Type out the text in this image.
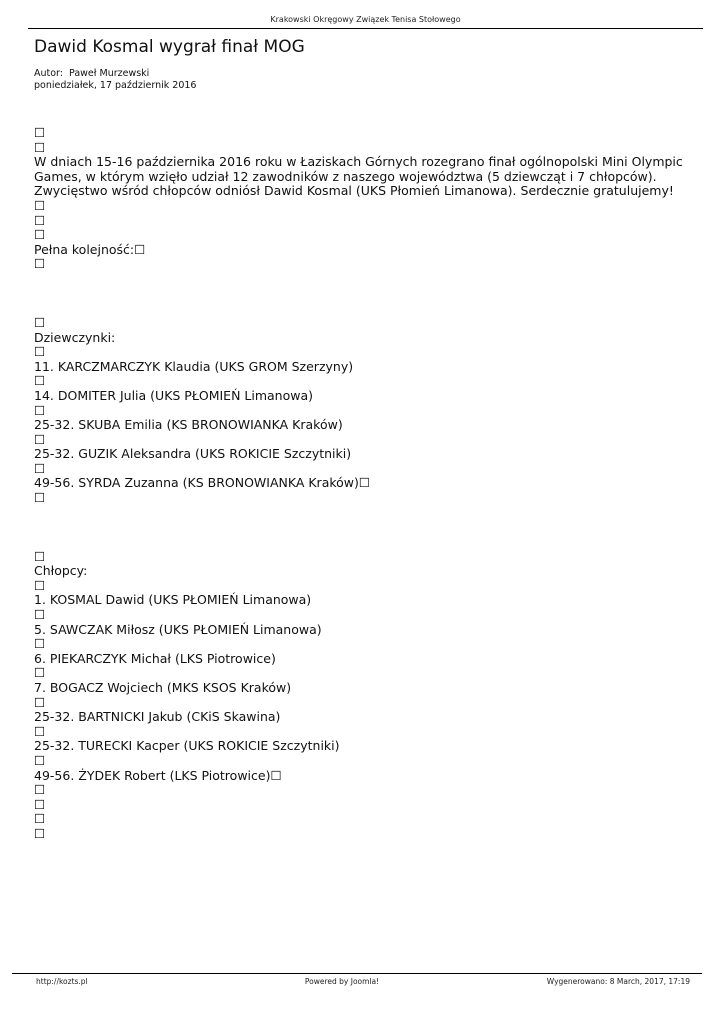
Krakowski Okręgowy Związek Tenisa Stołowego
Dawid Kosmal wygrał finał MOG
Autor:  Paweł Murzewski
poniedziałek, 17 październik 2016
☐
☐
W dniach 15-16 października 2016 roku w Łaziskach Górnych rozegrano finał ogólnopolski Mini Olympic Games, w którym wzięło udział 12 zawodników z naszego województwa (5 dziewcząt i 7 chłopców). Zwycięstwo wśród chłopców odniósł Dawid Kosmal (UKS Płomień Limanowa). Serdecznie gratulujemy!☐
☐
☐
Pełna kolejność:☐
☐
☐
Dziewczynki:
☐
11. KARCZMARCZYK Klaudia (UKS GROM Szerzyny)
☐
14. DOMITER Julia (UKS PŁOMIEŃ Limanowa)
☐
25-32. SKUBA Emilia (KS BRONOWIANKA Kraków)
☐
25-32. GUZIK Aleksandra (UKS ROKICIE Szczytniki)
☐
49-56. SYRDA Zuzanna (KS BRONOWIANKA Kraków)☐
☐
☐
Chłopcy:
☐
1. KOSMAL Dawid (UKS PŁOMIEŃ Limanowa)
☐
5. SAWCZAK Miłosz (UKS PŁOMIEŃ Limanowa)
☐
6. PIEKARCZYK Michał (LKS Piotrowice)
☐
7. BOGACZ Wojciech (MKS KSOS Kraków)
☐
25-32. BARTNICKI Jakub (CKiS Skawina)
☐
25-32. TURECKI Kacper (UKS ROKICIE Szczytniki)
☐
49-56. ŻYDEK Robert (LKS Piotrowice)☐
☐
☐
☐
☐
http://kozts.pl	Powered by Joomla!	Wygenerowano: 8 March, 2017, 17:19
